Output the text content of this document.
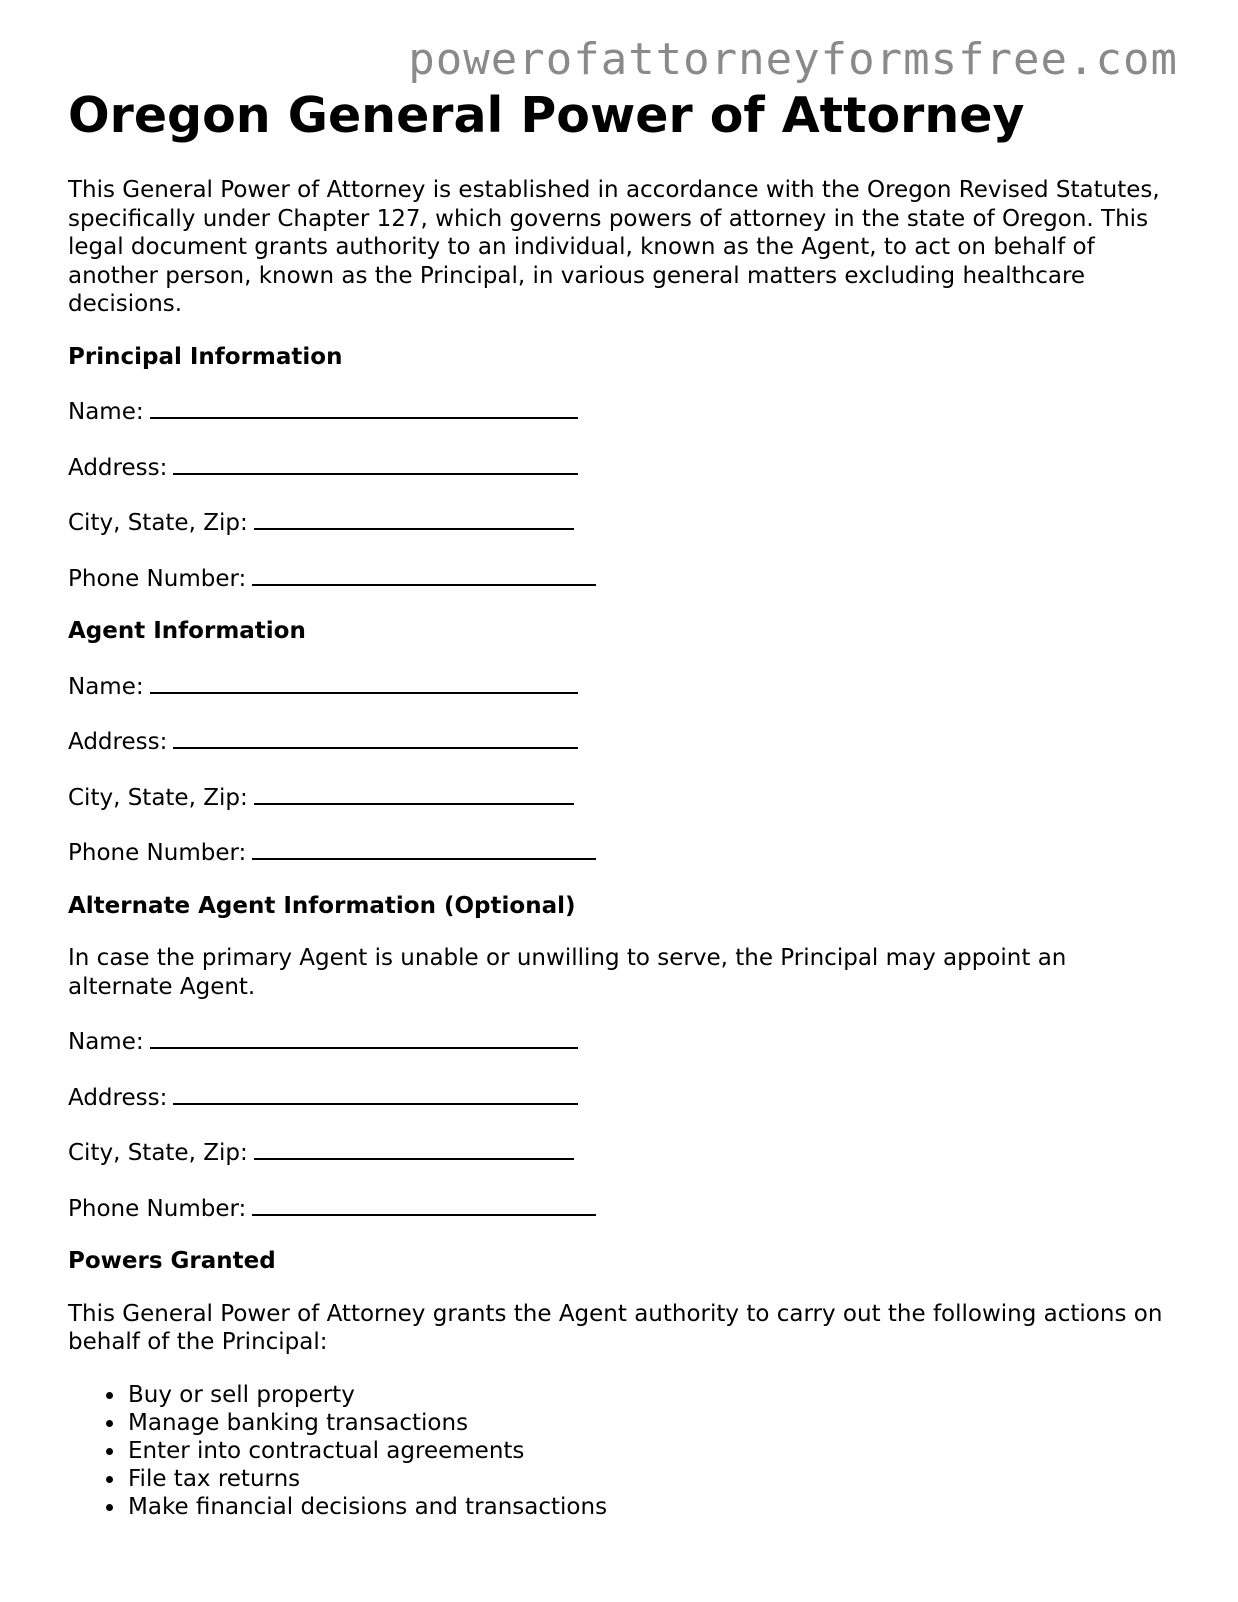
powerofattorneyformsfree.com
Oregon General Power of Attorney

This General Power of Attorney is established in accordance with the Oregon Revised Statutes, specifically under Chapter 127, which governs powers of attorney in the state of Oregon. This legal document grants authority to an individual, known as the Agent, to act on behalf of another person, known as the Principal, in various general matters excluding healthcare decisions.

Principal Information
Name:
Address:
City, State, Zip:
Phone Number:
Agent Information
Name:
Address:
City, State, Zip:
Phone Number:
Alternate Agent Information (Optional)

In case the primary Agent is unable or unwilling to serve, the Principal may appoint an alternate Agent.

Name:
Address:
City, State, Zip:
Phone Number:
Powers Granted

This General Power of Attorney grants the Agent authority to carry out the following actions on behalf of the Principal:

• Buy or sell property
• Manage banking transactions
• Enter into contractual agreements
• File tax returns
• Make financial decisions and transactions
